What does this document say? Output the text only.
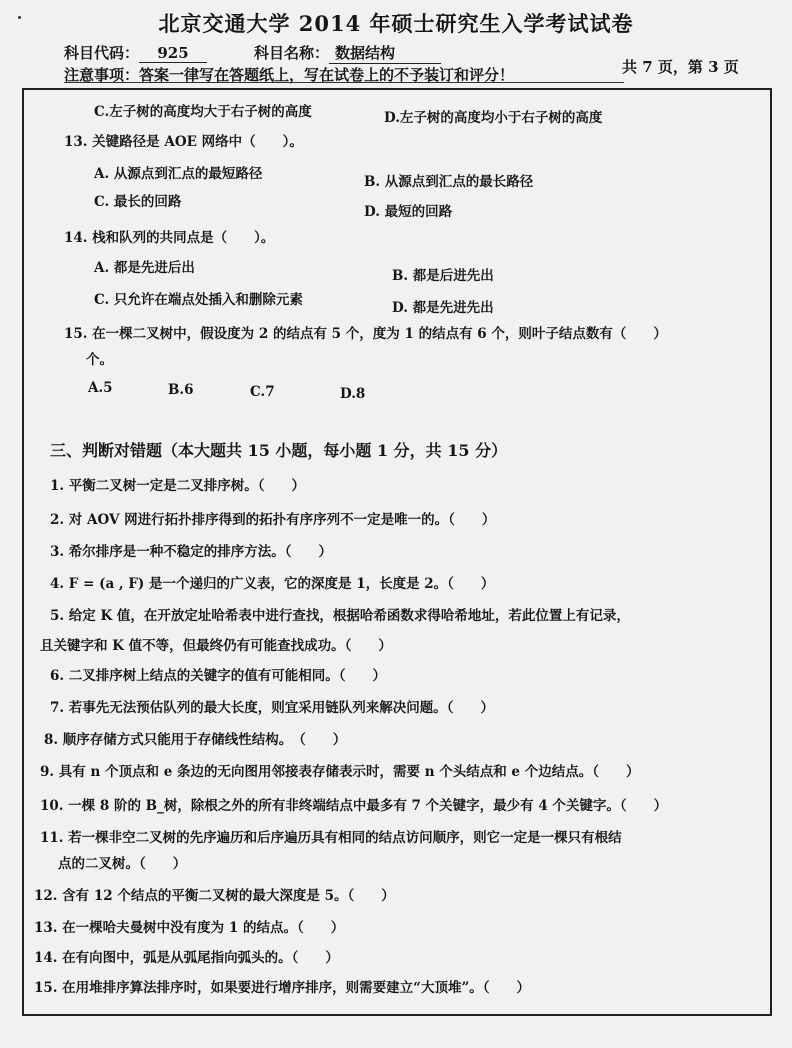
北京交通大学 2014 年硕士研究生入学考试试卷
科目代码： 925	科目名称： 数据结构
共 7 页，第 3 页
注意事项：答案一律写在答题纸上，写在试卷上的不予装订和评分！
C.左子树的高度均大于右子树的高度	D.左子树的高度均小于右子树的高度
13. 关键路径是 AOE 网络中（　　）。
A. 从源点到汇点的最短路径	B. 从源点到汇点的最长路径
C. 最长的回路
D. 最短的回路
14. 栈和队列的共同点是（　　）。
A. 都是先进后出	B. 都是后进先出
C. 只允许在端点处插入和删除元素	D. 都是先进先出
15. 在一棵二叉树中，假设度为 2 的结点有 5 个，度为 1 的结点有 6 个，则叶子结点数有（　　）
个。
A.5	B.6	C.7	D.8
三、判断对错题（本大题共 15 小题，每小题 1 分，共 15 分）
1. 平衡二叉树一定是二叉排序树。（　　）
2. 对 AOV 网进行拓扑排序得到的拓扑有序序列不一定是唯一的。（　　）
3. 希尔排序是一种不稳定的排序方法。（　　）
4. F = (a , F) 是一个递归的广义表，它的深度是 1，长度是 2。（　　）
5. 给定 K 值，在开放定址哈希表中进行查找，根据哈希函数求得哈希地址，若此位置上有记录，
且关键字和 K 值不等，但最终仍有可能查找成功。（　　）
6. 二叉排序树上结点的关键字的值有可能相同。（　　）
7. 若事先无法预估队列的最大长度，则宜采用链队列来解决问题。（　　）
8. 顺序存储方式只能用于存储线性结构。　（　　）
9. 具有 n 个顶点和 e 条边的无向图用邻接表存储表示时，需要 n 个头结点和 e 个边结点。（　　）
10. 一棵 8 阶的 B_树，除根之外的所有非终端结点中最多有 7 个关键字，最少有 4 个关键字。（　　）
11. 若一棵非空二叉树的先序遍历和后序遍历具有相同的结点访问顺序，则它一定是一棵只有根结
点的二叉树。（　　）
12. 含有 12 个结点的平衡二叉树的最大深度是 5。（　　）
13. 在一棵哈夫曼树中没有度为 1 的结点。（　　）
14. 在有向图中，弧是从弧尾指向弧头的。（　　）
15. 在用堆排序算法排序时，如果要进行增序排序，则需要建立“大顶堆”。（　　）
